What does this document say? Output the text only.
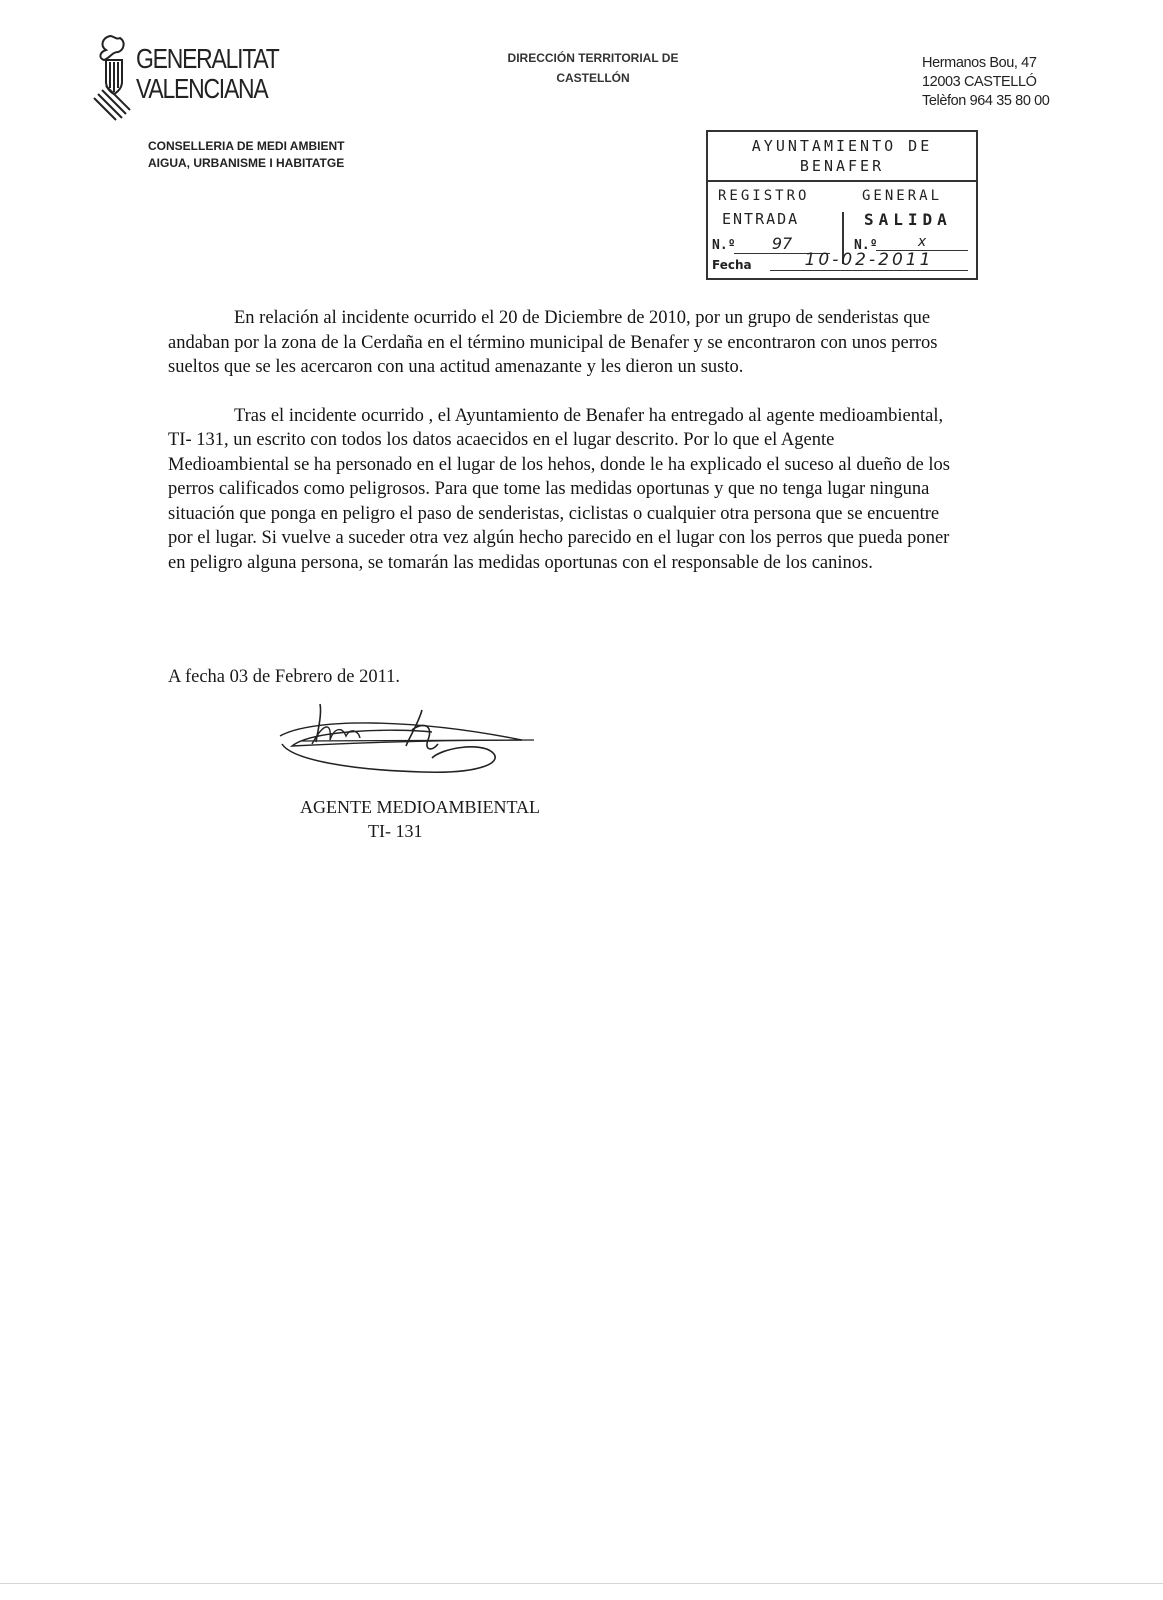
GENERALITAT
VALENCIANA
CONSELLERIA DE MEDI AMBIENT
AIGUA, URBANISME I HABITATGE
DIRECCIÓN TERRITORIAL DE
CASTELLÓN
Hermanos Bou, 47
12003 CASTELLÓ
Telèfon 964 35 80 00
AYUNTAMIENTO DE
BENAFER
REGISTRO	GENERAL
ENTRADA	SALIDA
N.º	97	N.º	x
Fecha	10-02-2011

En relación al incidente ocurrido el 20 de Diciembre de 2010, por un grupo de senderistas que andaban por la zona de la Cerdaña en el término municipal de Benafer y se encontraron con unos perros sueltos que se les acercaron con una actitud amenazante y les dieron un susto.

Tras el incidente ocurrido , el Ayuntamiento de Benafer ha entregado al agente medioambiental, TI- 131, un escrito con todos los datos acaecidos en el lugar descrito. Por lo que el Agente Medioambiental se ha personado en el lugar de los hehos, donde le ha explicado el suceso al dueño de los perros calificados como peligrosos. Para que tome las medidas oportunas y que no tenga lugar ninguna situación que ponga en peligro el paso de senderistas, ciclistas o cualquier otra persona que se encuentre por el lugar. Si vuelve a suceder otra vez algún hecho parecido en el lugar con los perros que pueda poner en peligro alguna persona, se tomarán las medidas oportunas con el responsable de los caninos.

A fecha 03 de Febrero de 2011.
AGENTE MEDIOAMBIENTAL
TI- 131
